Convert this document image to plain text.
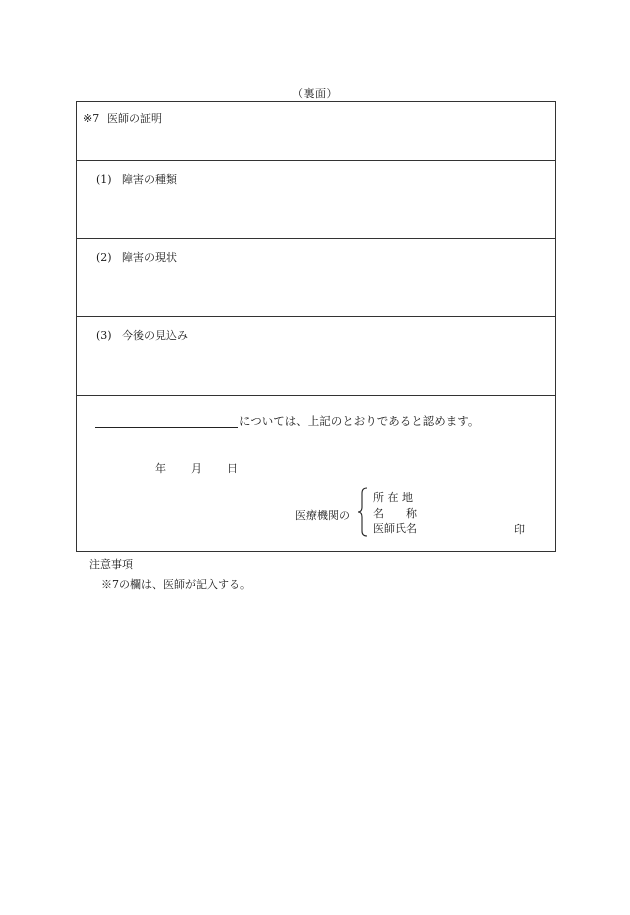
（裏面）
※7 医師の証明
(1) 障害の種類
(2) 障害の現状
(3) 今後の見込み
については、上記のとおりであると認めます。
年 月 日
医療機関の
所 在 地
名　　称
医師氏名	印
注意事項
※7の欄は、医師が記入する。
